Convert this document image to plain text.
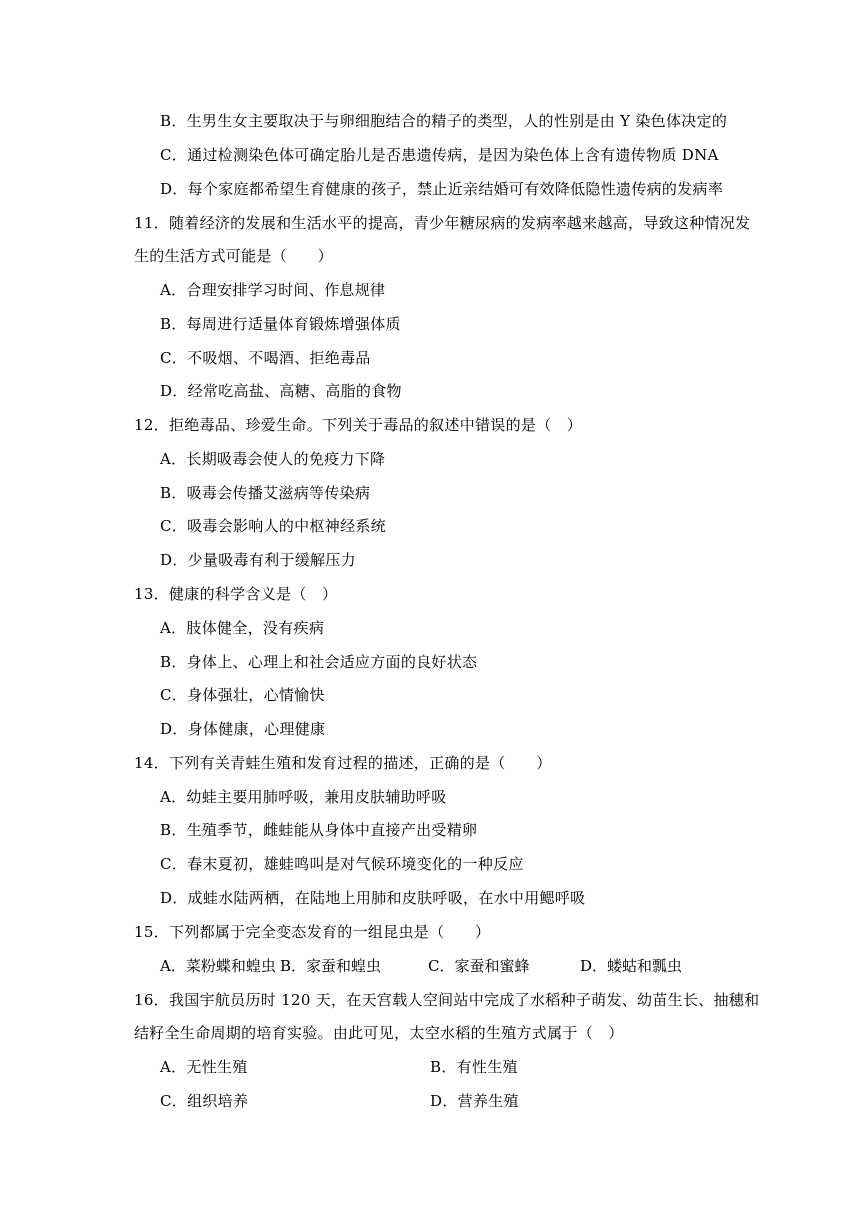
B．生男生女主要取决于与卵细胞结合的精子的类型，人的性别是由 Y 染色体决定的
C．通过检测染色体可确定胎儿是否患遗传病，是因为染色体上含有遗传物质 DNA
D．每个家庭都希望生育健康的孩子，禁止近亲结婚可有效降低隐性遗传病的发病率
11．随着经济的发展和生活水平的提高，青少年糖尿病的发病率越来越高，导致这种情况发
生的生活方式可能是（　　）
A．合理安排学习时间、作息规律
B．每周进行适量体育锻炼增强体质
C．不吸烟、不喝酒、拒绝毒品
D．经常吃高盐、高糖、高脂的食物
12．拒绝毒品、珍爱生命。下列关于毒品的叙述中错误的是（　）
A．长期吸毒会使人的免疫力下降
B．吸毒会传播艾滋病等传染病
C．吸毒会影响人的中枢神经系统
D．少量吸毒有利于缓解压力
13．健康的科学含义是（　）
A．肢体健全，没有疾病
B．身体上、心理上和社会适应方面的良好状态
C．身体强壮，心情愉快
D．身体健康，心理健康
14．下列有关青蛙生殖和发育过程的描述，正确的是（　　）
A．幼蛙主要用肺呼吸，兼用皮肤辅助呼吸
B．生殖季节，雌蛙能从身体中直接产出受精卵
C．春末夏初，雄蛙鸣叫是对气候环境变化的一种反应
D．成蛙水陆两栖，在陆地上用肺和皮肤呼吸，在水中用鳃呼吸
15．下列都属于完全变态发育的一组昆虫是（　　）
A．菜粉蝶和蝗虫 B．家蚕和蝗虫	C．家蚕和蜜蜂	D．蝼蛄和瓢虫
16．我国宇航员历时 120 天，在天宫载人空间站中完成了水稻种子萌发、幼苗生长、抽穗和
结籽全生命周期的培育实验。由此可见，太空水稻的生殖方式属于（　）
A．无性生殖	B．有性生殖
C．组织培养	D．营养生殖
